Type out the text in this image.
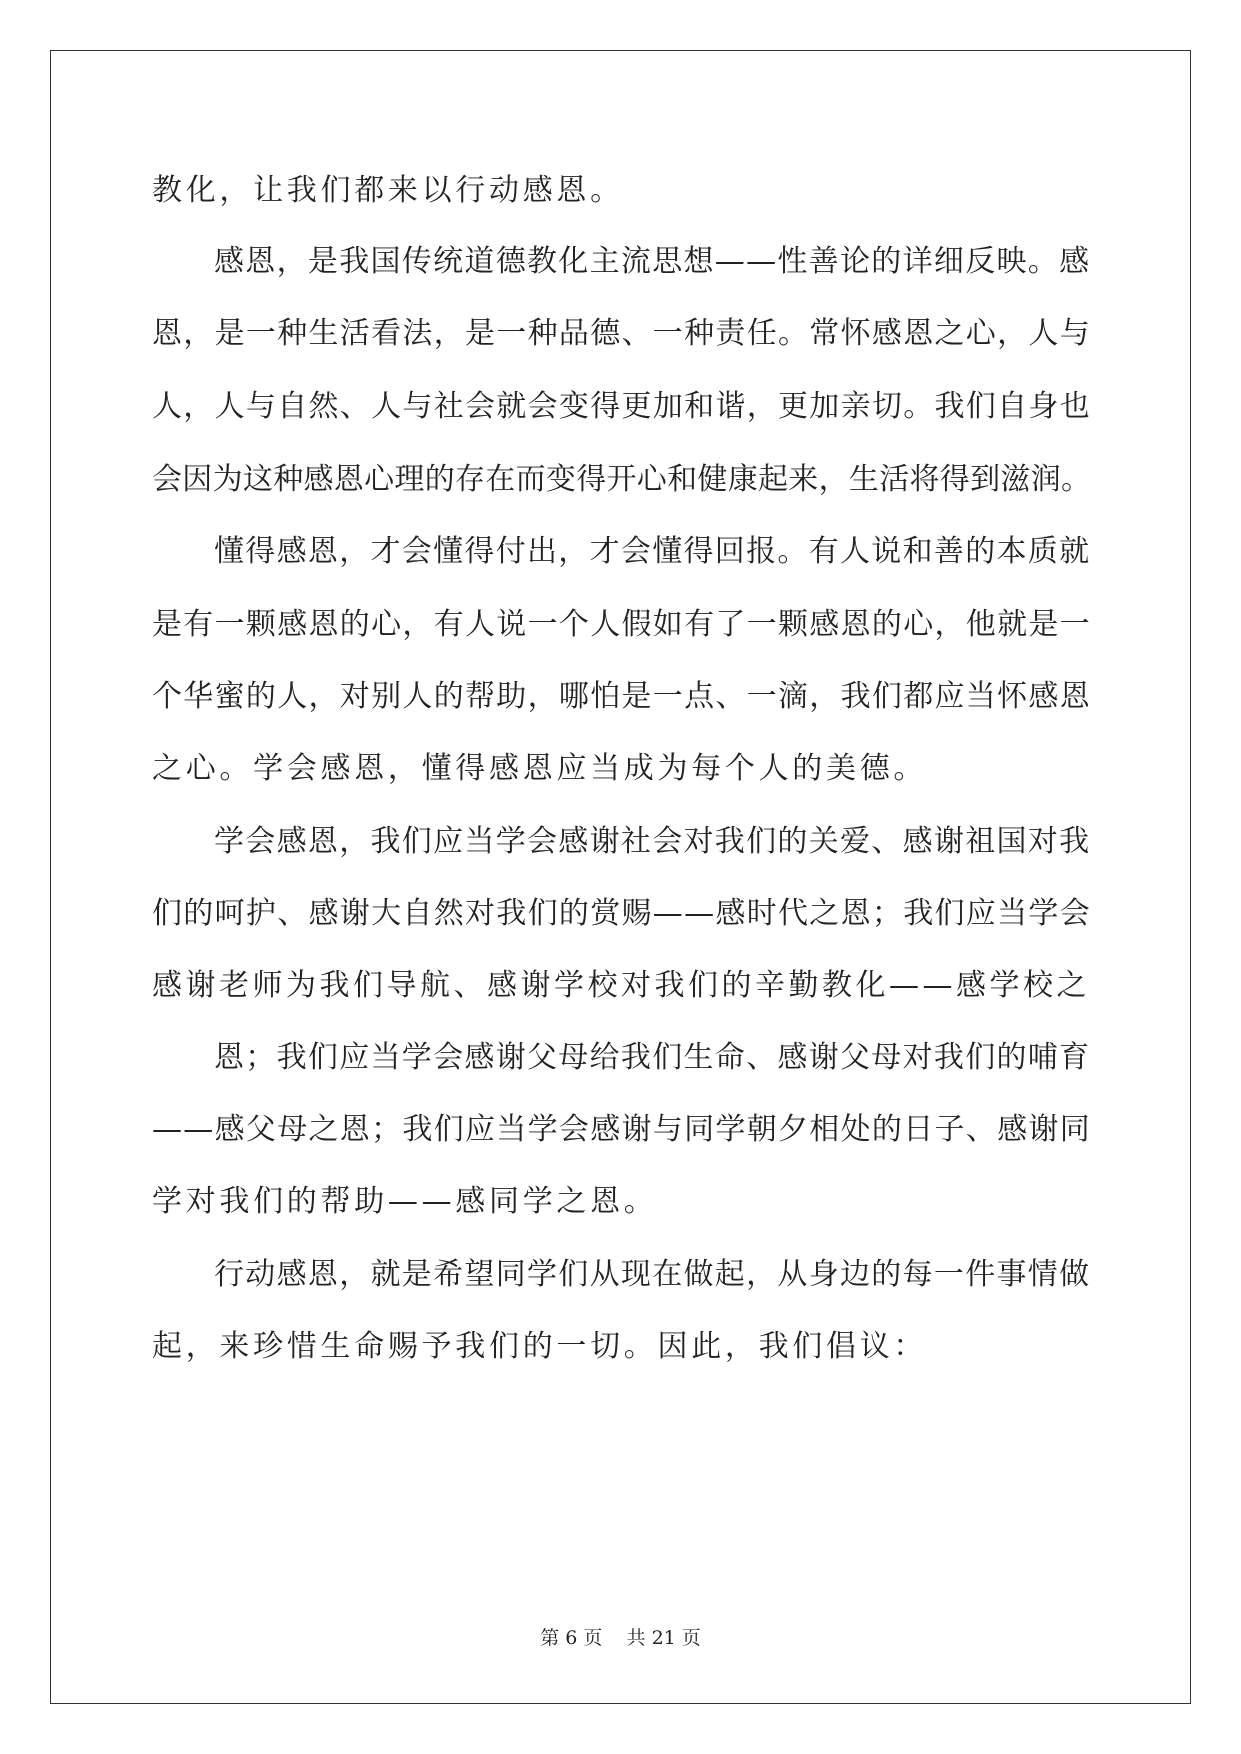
教化，让我们都来以行动感恩。
感恩，是我国传统道德教化主流思想——性善论的详细反映。感
恩，是一种生活看法，是一种品德、一种责任。常怀感恩之心，人与
人，人与自然、人与社会就会变得更加和谐，更加亲切。我们自身也
会因为这种感恩心理的存在而变得开心和健康起来，生活将得到滋润。
懂得感恩，才会懂得付出，才会懂得回报。有人说和善的本质就
是有一颗感恩的心，有人说一个人假如有了一颗感恩的心，他就是一
个华蜜的人，对别人的帮助，哪怕是一点、一滴，我们都应当怀感恩
之心。学会感恩，懂得感恩应当成为每个人的美德。
学会感恩，我们应当学会感谢社会对我们的关爱、感谢祖国对我
们的呵护、感谢大自然对我们的赏赐——感时代之恩；我们应当学会
感谢老师为我们导航、感谢学校对我们的辛勤教化——感学校之
恩；我们应当学会感谢父母给我们生命、感谢父母对我们的哺育
——感父母之恩；我们应当学会感谢与同学朝夕相处的日子、感谢同
学对我们的帮助——感同学之恩。
行动感恩，就是希望同学们从现在做起，从身边的每一件事情做
起，来珍惜生命赐予我们的一切。因此，我们倡议：
第 6 页    共 21 页
